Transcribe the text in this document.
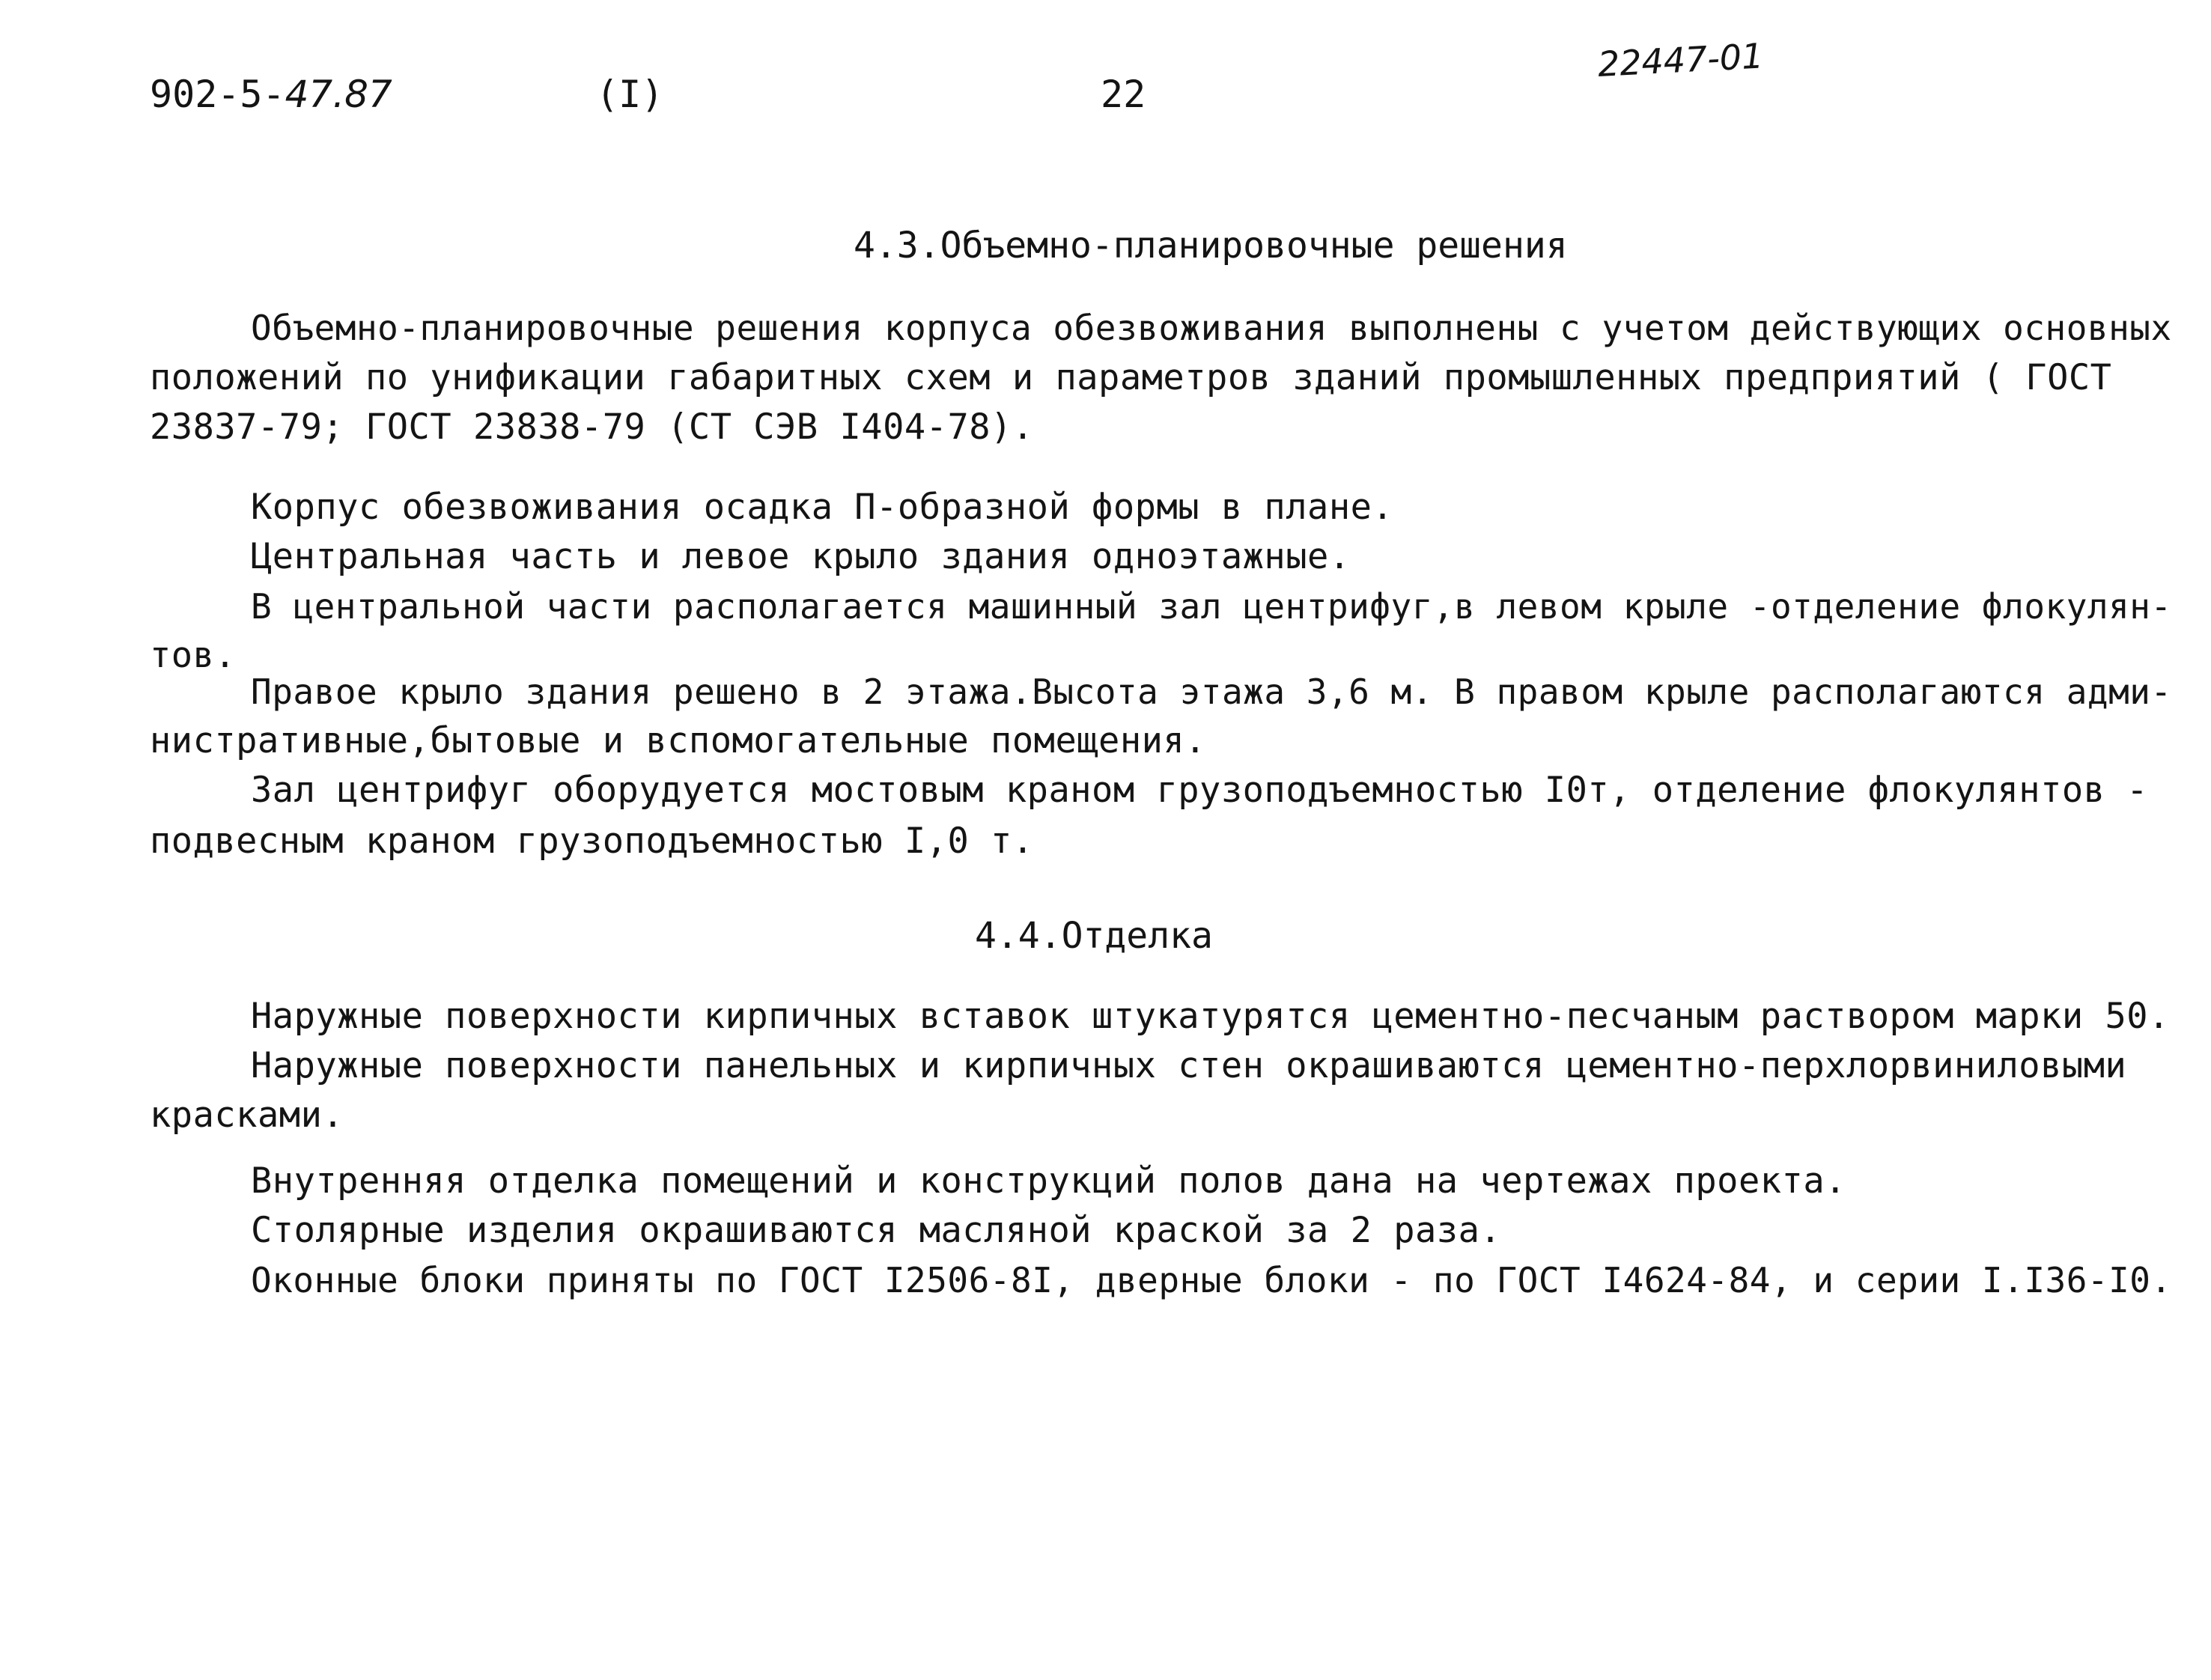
902-5-47.87	(I)	22
22447-01
4.3.Объемно-планировочные решения

Объемно-планировочные решения корпуса обезвоживания выполнены с учетом действующих основных

положений по унификации габаритных схем и параметров зданий промышленных предприятий ( ГОСТ

23837-79; ГОСТ 23838-79 (СТ СЭВ I404-78).

Корпус обезвоживания осадка П-образной формы в плане.

Центральная часть и левое крыло здания одноэтажные.

В центральной части располагается машинный зал центрифуг,в левом крыле -отделение флокулян-

тов.

Правое крыло здания решено в 2 этажа.Высота этажа 3,6 м. В правом крыле располагаются адми-

нистративные,бытовые и вспомогательные помещения.

Зал центрифуг оборудуется мостовым краном грузоподъемностью I0т, отделение флокулянтов -

подвесным краном грузоподъемностью I,0 т.

4.4.Отделка

Наружные поверхности кирпичных вставок штукатурятся цементно-песчаным раствором марки 50.

Наружные поверхности панельных и кирпичных стен окрашиваются цементно-перхлорвиниловыми

красками.

Внутренняя отделка помещений и конструкций полов дана на чертежах проекта.

Столярные изделия окрашиваются масляной краской за 2 раза.

Оконные блоки приняты по ГОСТ I2506-8I, дверные блоки - по ГОСТ I4624-84, и серии I.I36-I0.
